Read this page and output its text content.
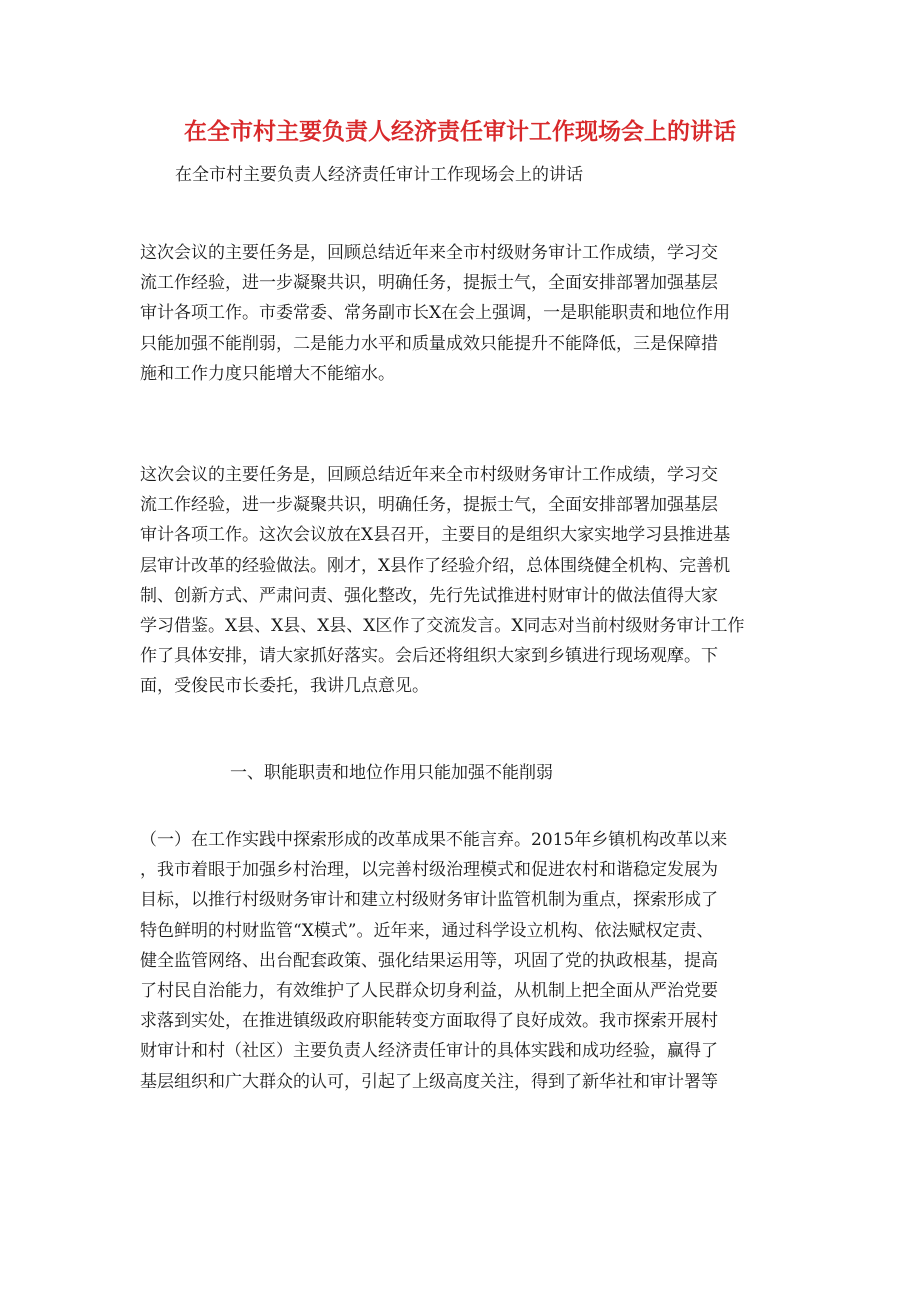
在全市村主要负责人经济责任审计工作现场会上的讲话
在全市村主要负责人经济责任审计工作现场会上的讲话
这次会议的主要任务是，回顾总结近年来全市村级财务审计工作成绩，学习交
流工作经验，进一步凝聚共识，明确任务，提振士气，全面安排部署加强基层
审计各项工作。市委常委、常务副市长X在会上强调，一是职能职责和地位作用
只能加强不能削弱，二是能力水平和质量成效只能提升不能降低，三是保障措
施和工作力度只能增大不能缩水。
这次会议的主要任务是，回顾总结近年来全市村级财务审计工作成绩，学习交
流工作经验，进一步凝聚共识，明确任务，提振士气，全面安排部署加强基层
审计各项工作。这次会议放在X县召开，主要目的是组织大家实地学习县推进基
层审计改革的经验做法。刚才，X县作了经验介绍，总体围绕健全机构、完善机
制、创新方式、严肃问责、强化整改，先行先试推进村财审计的做法值得大家
学习借鉴。X县、X县、X县、X区作了交流发言。X同志对当前村级财务审计工作
作了具体安排，请大家抓好落实。会后还将组织大家到乡镇进行现场观摩。下
面，受俊民市长委托，我讲几点意见。
一、职能职责和地位作用只能加强不能削弱
（一）在工作实践中探索形成的改革成果不能言弃。2015年乡镇机构改革以来
，我市着眼于加强乡村治理，以完善村级治理模式和促进农村和谐稳定发展为
目标，以推行村级财务审计和建立村级财务审计监管机制为重点，探索形成了
特色鲜明的村财监管“X模式”。近年来，通过科学设立机构、依法赋权定责、
健全监管网络、出台配套政策、强化结果运用等，巩固了党的执政根基，提高
了村民自治能力，有效维护了人民群众切身利益，从机制上把全面从严治党要
求落到实处，在推进镇级政府职能转变方面取得了良好成效。我市探索开展村
财审计和村（社区）主要负责人经济责任审计的具体实践和成功经验，赢得了
基层组织和广大群众的认可，引起了上级高度关注，得到了新华社和审计署等
